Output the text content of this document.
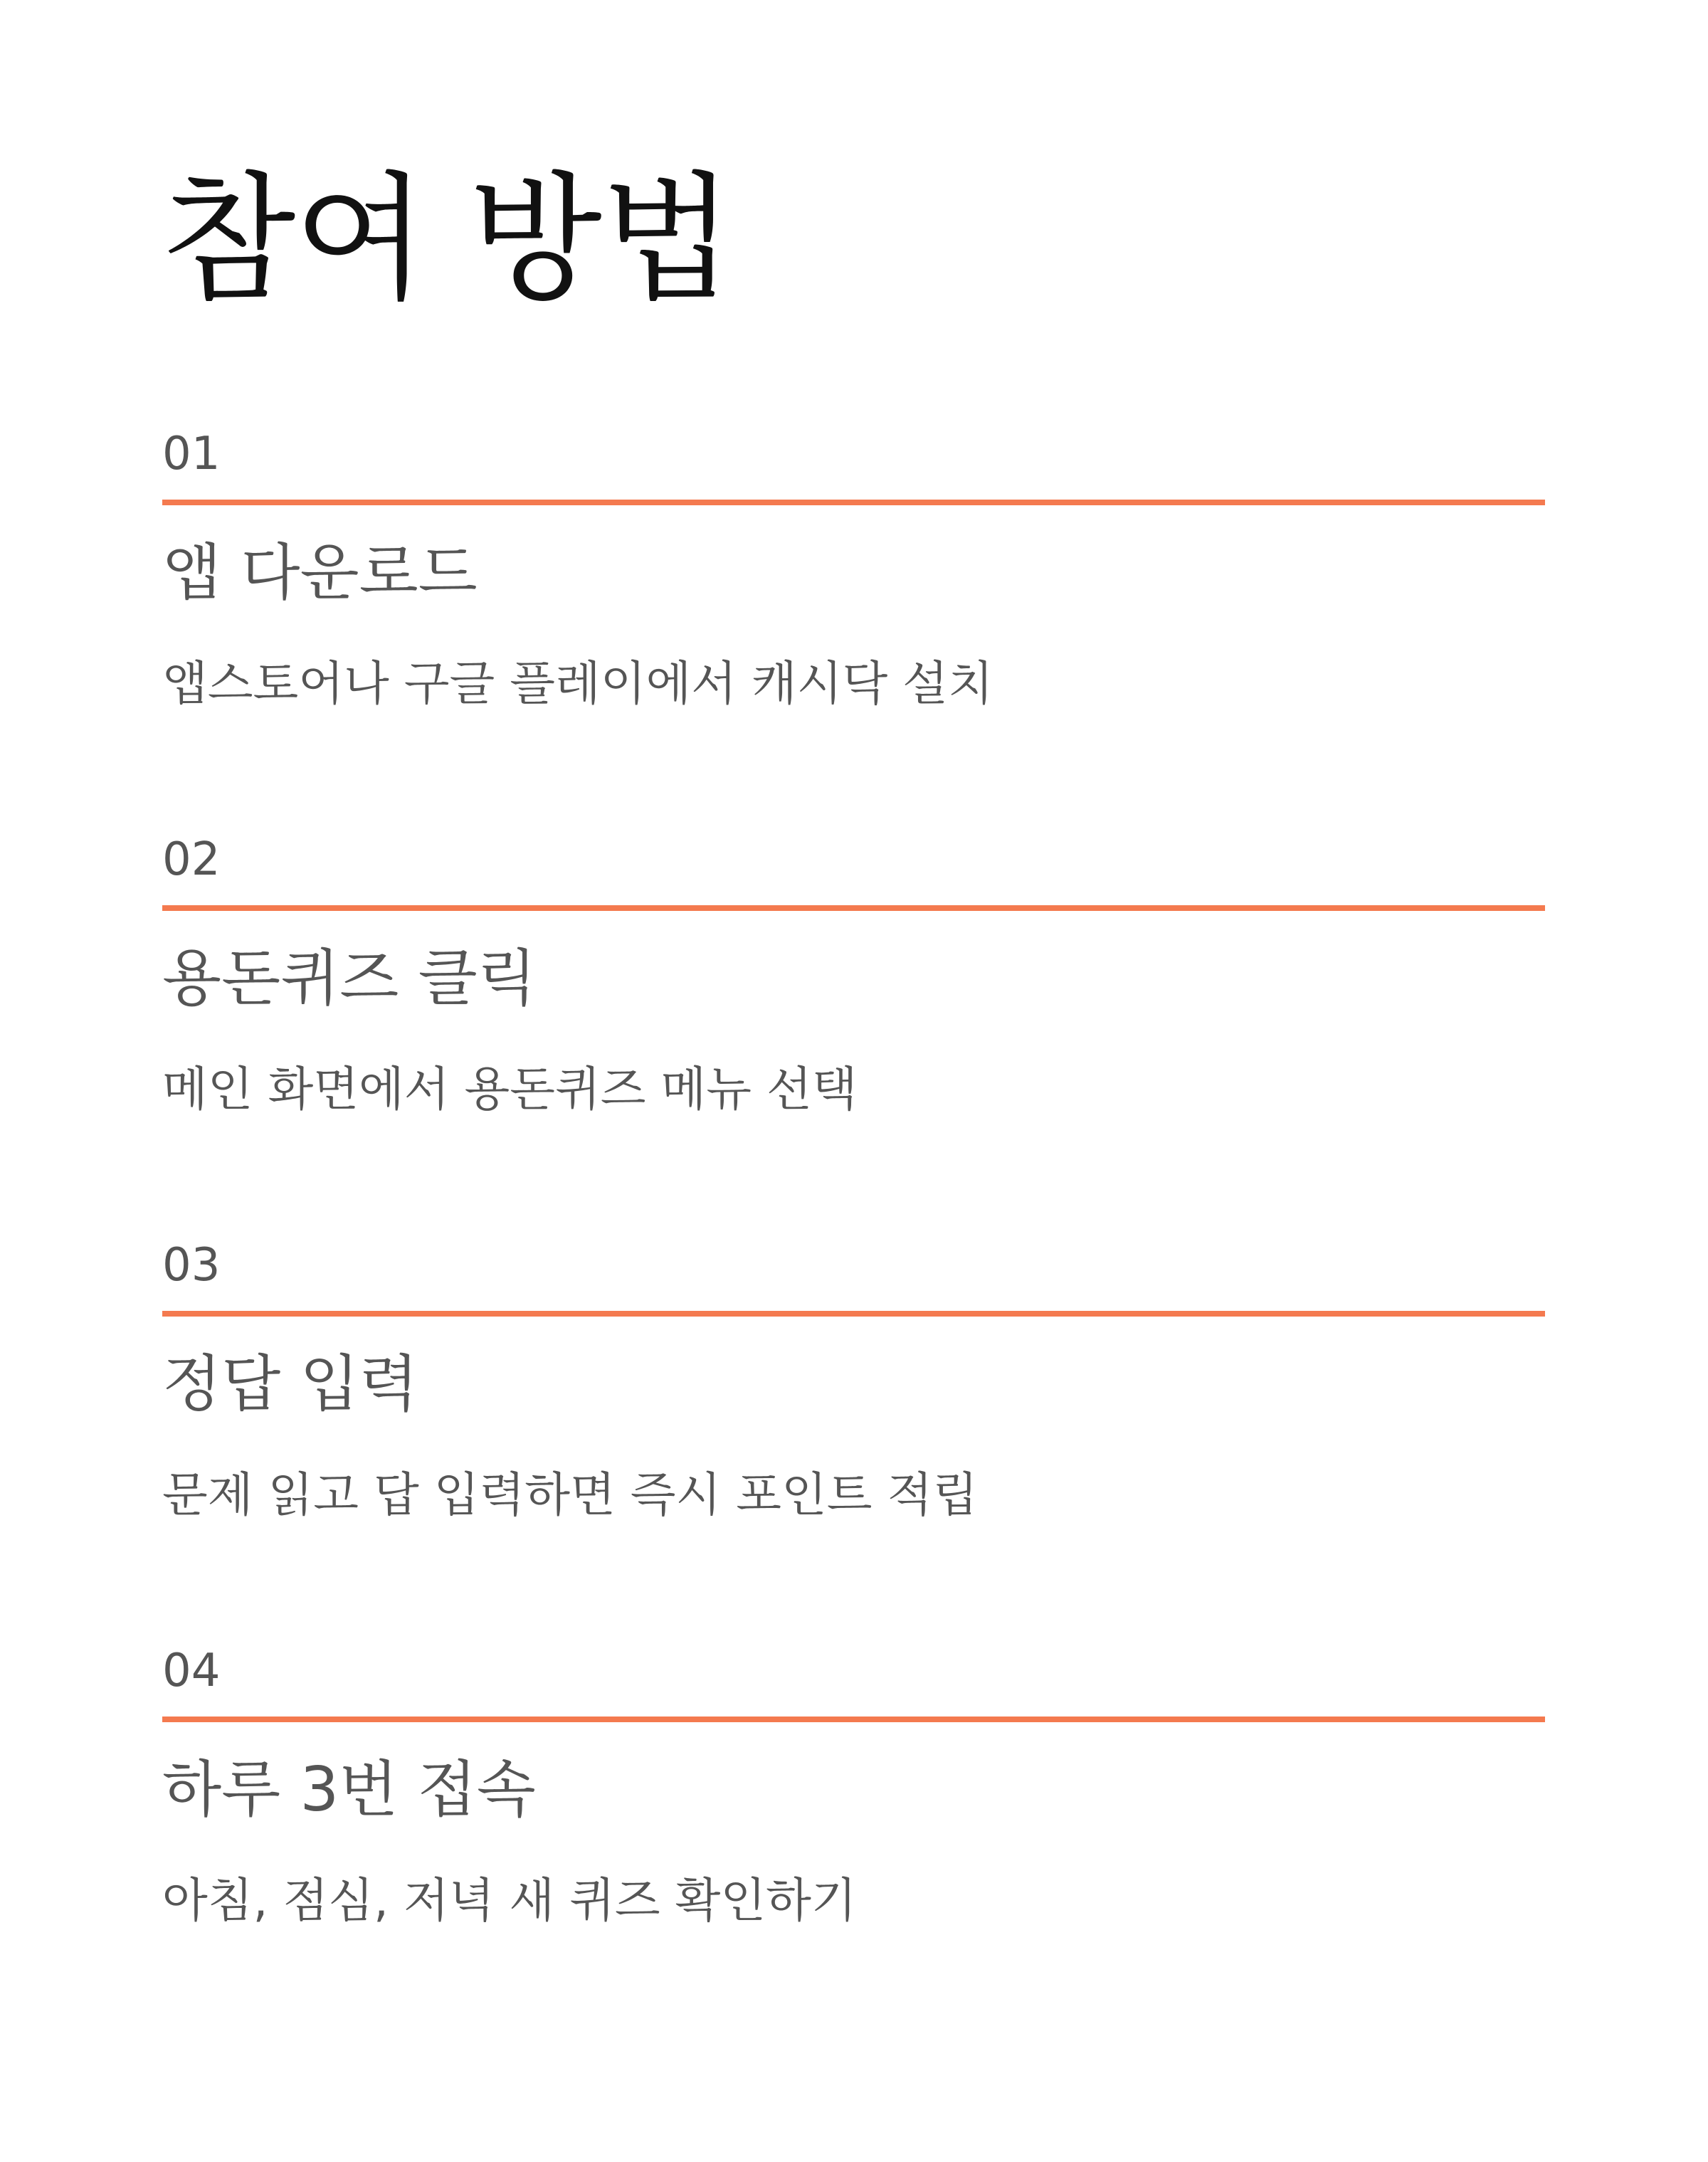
참여 방법
01
앱 다운로드

앱스토어나 구글 플레이에서 캐시닥 설치

02
용돈퀴즈 클릭

메인 화면에서 용돈퀴즈 메뉴 선택

03
정답 입력

문제 읽고 답 입력하면 즉시 포인트 적립

04
하루 3번 접속

아침, 점심, 저녁 새 퀴즈 확인하기
